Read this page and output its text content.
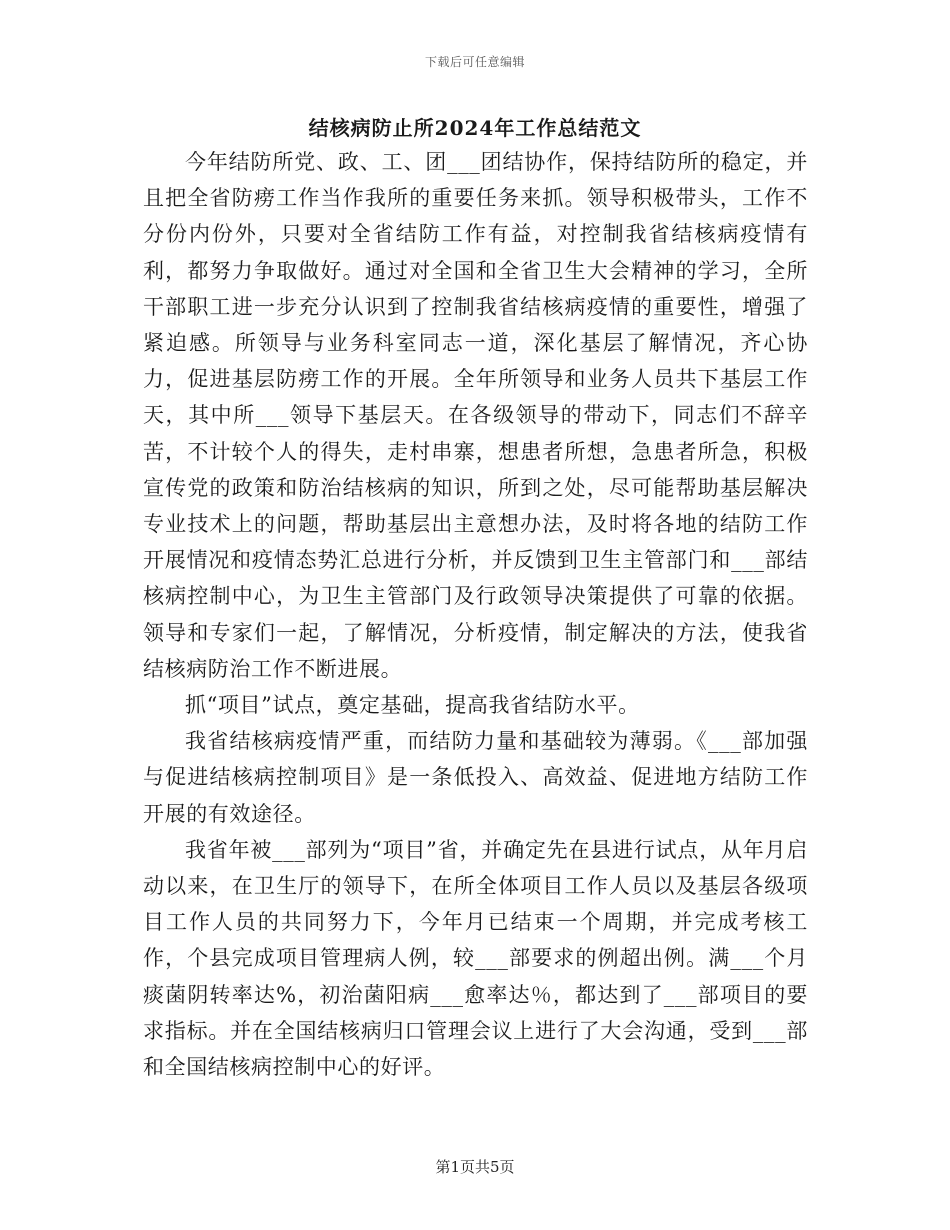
下载后可任意编辑
结核病防止所2024年工作总结范文

今年结防所党、政、工、团___团结协作，保持结防所的稳定，并且把全省防痨工作当作我所的重要任务来抓。领导积极带头，工作不分份内份外，只要对全省结防工作有益，对控制我省结核病疫情有利，都努力争取做好。通过对全国和全省卫生大会精神的学习，全所干部职工进一步充分认识到了控制我省结核病疫情的重要性，增强了紧迫感。所领导与业务科室同志一道，深化基层了解情况，齐心协力，促进基层防痨工作的开展。全年所领导和业务人员共下基层工作天，其中所___领导下基层天。在各级领导的带动下，同志们不辞辛苦，不计较个人的得失，走村串寨，想患者所想，急患者所急，积极宣传党的政策和防治结核病的知识，所到之处，尽可能帮助基层解决专业技术上的问题，帮助基层出主意想办法，及时将各地的结防工作开展情况和疫情态势汇总进行分析，并反馈到卫生主管部门和___部结核病控制中心，为卫生主管部门及行政领导决策提供了可靠的依据。领导和专家们一起，了解情况，分析疫情，制定解决的方法，使我省结核病防治工作不断进展。

抓“项目”试点，奠定基础，提高我省结防水平。

我省结核病疫情严重，而结防力量和基础较为薄弱。《___部加强与促进结核病控制项目》是一条低投入、高效益、促进地方结防工作开展的有效途径。

我省年被___部列为“项目”省，并确定先在县进行试点，从年月启动以来，在卫生厅的领导下，在所全体项目工作人员以及基层各级项目工作人员的共同努力下，今年月已结束一个周期，并完成考核工作，个县完成项目管理病人例，较___部要求的例超出例。满___个月痰菌阴转率达%，初治菌阳病___愈率达％，都达到了___部项目的要求指标。并在全国结核病归口管理会议上进行了大会沟通，受到___部和全国结核病控制中心的好评。

第1页共5页
